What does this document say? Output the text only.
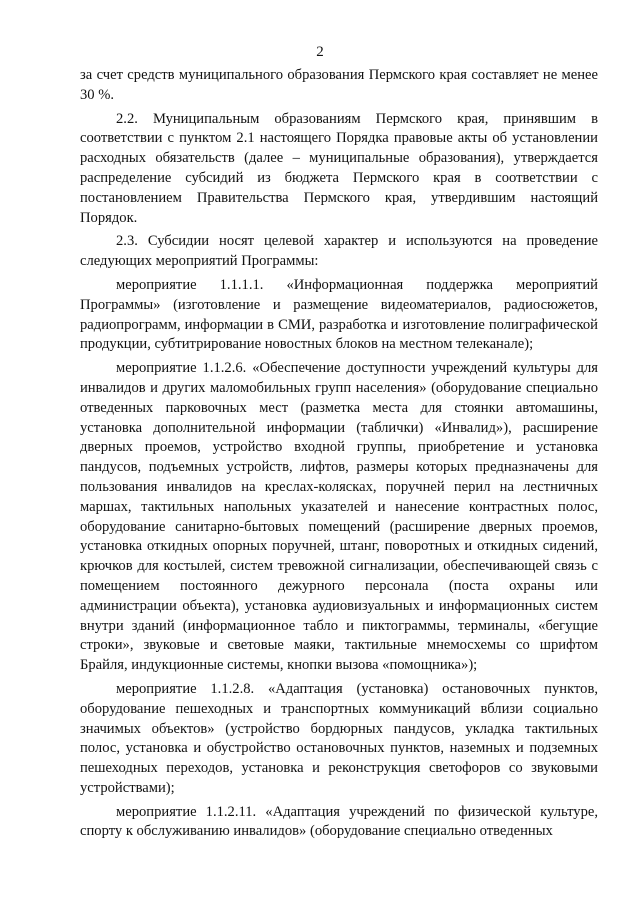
2

за счет средств муниципального образования Пермского края составляет не менее 30 %.

2.2. Муниципальным образованиям Пермского края, принявшим в соответствии с пунктом 2.1 настоящего Порядка правовые акты об установлении расходных обязательств (далее – муниципальные образования), утверждается распределение субсидий из бюджета Пермского края в соответствии с постановлением Правительства Пермского края, утвердившим настоящий Порядок.

2.3. Субсидии носят целевой характер и используются на проведение следующих мероприятий Программы:

мероприятие 1.1.1.1. «Информационная поддержка мероприятий Программы» (изготовление и размещение видеоматериалов, радиосюжетов, радиопрограмм, информации в СМИ, разработка и изготовление полиграфической продукции, субтитрирование новостных блоков на местном телеканале);

мероприятие 1.1.2.6. «Обеспечение доступности учреждений культуры для инвалидов и других маломобильных групп населения» (оборудование специально отведенных парковочных мест (разметка места для стоянки автомашины, установка дополнительной информации (таблички) «Инвалид»), расширение дверных проемов, устройство входной группы, приобретение и установка пандусов, подъемных устройств, лифтов, размеры которых предназначены для пользования инвалидов на креслах-колясках, поручней перил на лестничных маршах, тактильных напольных указателей и нанесение контрастных полос, оборудование санитарно-бытовых помещений (расширение дверных проемов, установка откидных опорных поручней, штанг, поворотных и откидных сидений, крючков для костылей, систем тревожной сигнализации, обеспечивающей связь с помещением постоянного дежурного персонала (поста охраны или администрации объекта), установка аудиовизуальных и информационных систем внутри зданий (информационное табло и пиктограммы, терминалы, «бегущие строки», звуковые и световые маяки, тактильные мнемосхемы со шрифтом Брайля, индукционные системы, кнопки вызова «помощника»);

мероприятие 1.1.2.8. «Адаптация (установка) остановочных пунктов, оборудование пешеходных и транспортных коммуникаций вблизи социально значимых объектов» (устройство бордюрных пандусов, укладка тактильных полос, установка и обустройство остановочных пунктов, наземных и подземных пешеходных переходов, установка и реконструкция светофоров со звуковыми устройствами);

мероприятие 1.1.2.11. «Адаптация учреждений по физической культуре, спорту к обслуживанию инвалидов» (оборудование специально отведенных
